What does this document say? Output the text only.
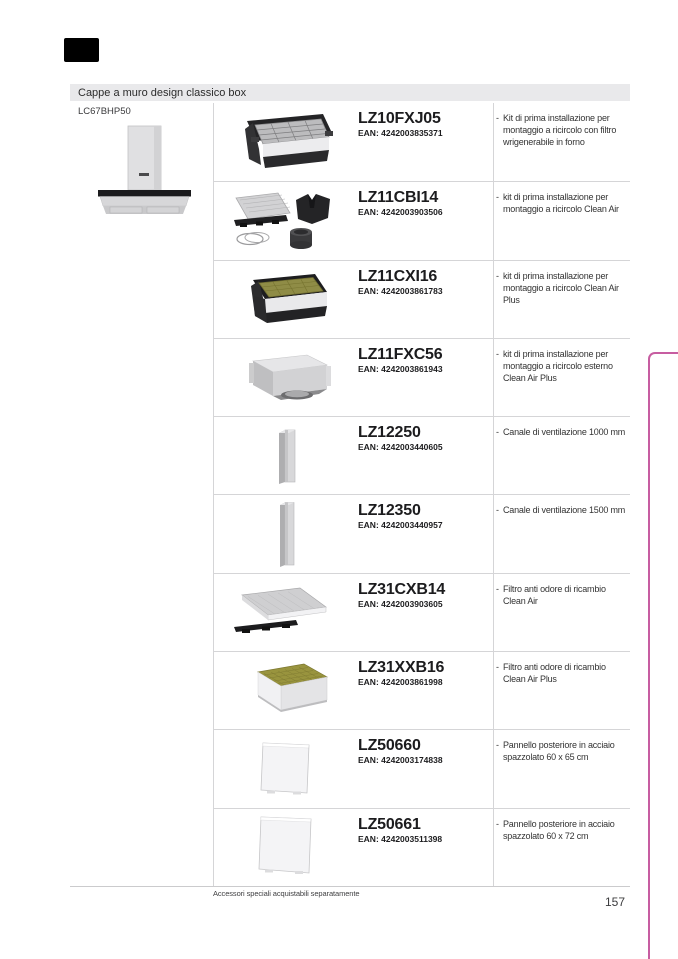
Cappe a muro design classico box
LC67BHP50	LZ10FXJ05
EAN: 4242003835371
- Kit di prima installazione per montaggio a ricircolo con filtro wrigenerabile in forno
LZ11CBI14
EAN: 4242003903506
- kit di prima installazione per montaggio a ricircolo Clean Air
LZ11CXI16
EAN: 4242003861783
- kit di prima installazione per montaggio a ricircolo Clean Air Plus
LZ11FXC56
EAN: 4242003861943
- kit di prima installazione per montaggio a ricircolo esterno Clean Air Plus
LZ12250
EAN: 4242003440605
- Canale di ventilazione 1000 mm
LZ12350
EAN: 4242003440957
- Canale di ventilazione 1500 mm
LZ31CXB14
EAN: 4242003903605
- Filtro anti odore di ricambio Clean Air
LZ31XXB16
EAN: 4242003861998
- Filtro anti odore di ricambio Clean Air Plus
LZ50660
EAN: 4242003174838
- Pannello posteriore in acciaio spazzolato 60 x 65 cm
LZ50661
EAN: 4242003511398
- Pannello posteriore in acciaio spazzolato 60 x 72 cm
Accessori speciali acquistabili separatamente
157
